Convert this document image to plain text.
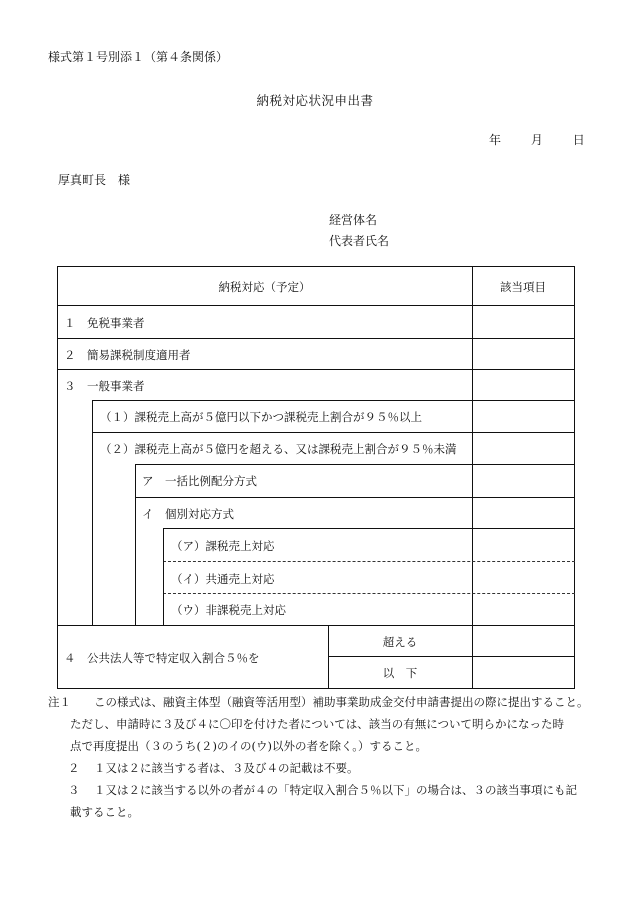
様式第１号別添１（第４条関係）
納税対応状況申出書
年 月 日
厚真町長　様
経営体名
代表者氏名
納税対応（予定）	該当項目
１　免税事業者
２　簡易課税制度適用者
３　一般事業者
（１）課税売上高が５億円以下かつ課税売上割合が９５％以上
（２）課税売上高が５億円を超える、又は課税売上割合が９５％未満
ア　一括比例配分方式
イ　個別対応方式
（ア）課税売上対応
（イ）共通売上対応
（ウ）非課税売上対応
４　公共法人等で特定収入割合５％を
超える
以　下
注１ この様式は、融資主体型（融資等活用型）補助事業助成金交付申請書提出の際に提出すること。
ただし、申請時に３及び４に〇印を付けた者については、該当の有無について明らかになった時
点で再度提出（３のうち(２)のイの(ウ)以外の者を除く。）すること。
２ １又は２に該当する者は、３及び４の記載は不要。
３ １又は２に該当する以外の者が４の「特定収入割合５％以下」の場合は、３の該当事項にも記
載すること。
